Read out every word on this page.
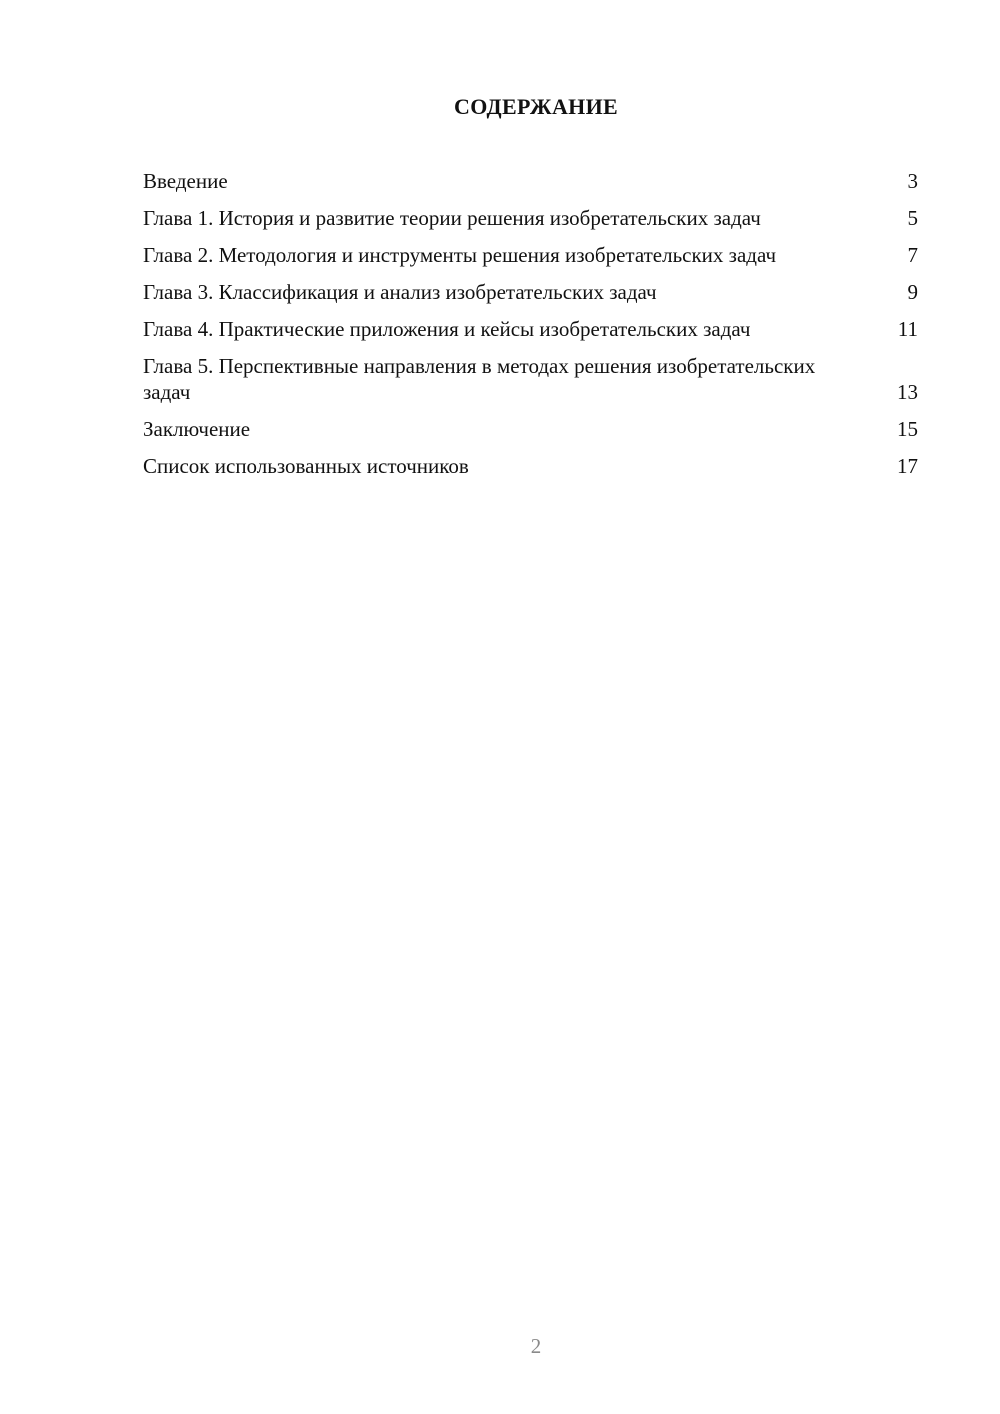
СОДЕРЖАНИЕ
Введение	3
Глава 1. История и развитие теории решения изобретательских задач	5
Глава 2. Методология и инструменты решения изобретательских задач	7
Глава 3. Классификация и анализ изобретательских задач	9
Глава 4. Практические приложения и кейсы изобретательских задач	11
Глава 5. Перспективные направления в методах решения изобретательских задач	13
Заключение	15
Список использованных источников	17
2
